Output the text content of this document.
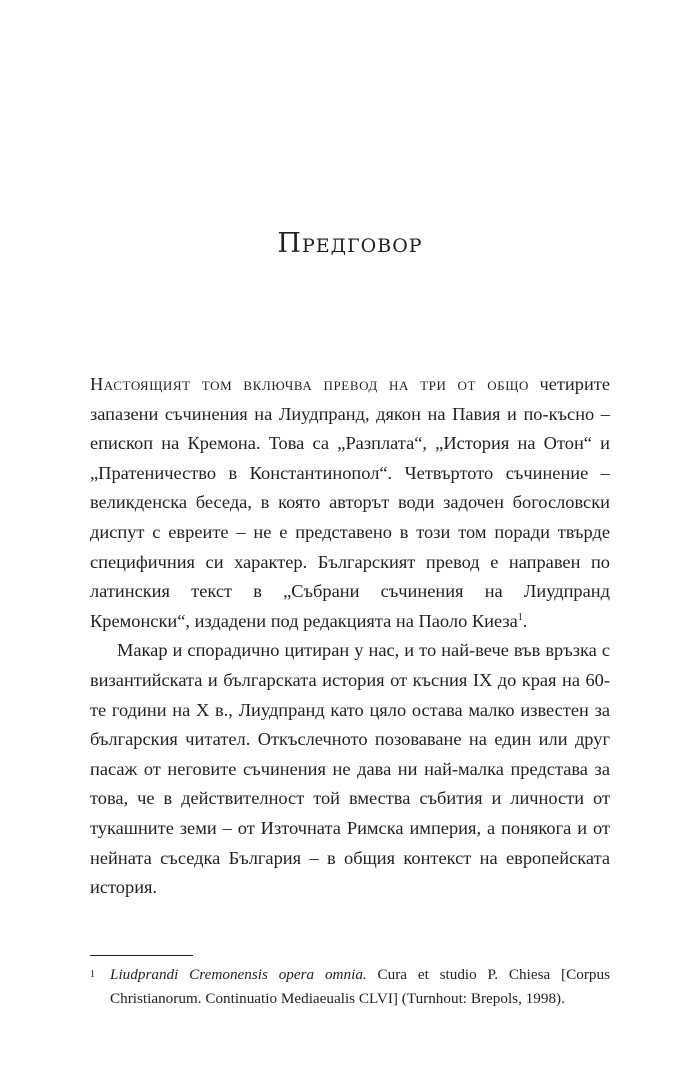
Предговор

Настоящият том включва превод на три от общо четирите запазени съчинения на Лиудпранд, дякон на Павия и по-късно – епископ на Кремона. Това са „Разплата“, „История на Отон“ и „Пратеничество в Константинопол“. Четвъртото съчинение – великденска беседа, в която авторът води задочен богословски диспут с евреите – не е представено в този том поради твърде специфичния си характер. Българският превод е направен по латинския текст в „Събрани съчинения на Лиудпранд Кремонски“, издадени под редакцията на Паоло Киеза$^1$.

Макар и спорадично цитиран у нас, и то най-вече във връзка с византийската и българската история от късния IX до края на 60-те години на X в., Лиудпранд като цяло остава малко известен за българския читател. Откъслечното позоваване на един или друг пасаж от неговите съчинения не дава ни най-малка представа за това, че в действителност той вмества събития и личности от тукашните земи – от Източната Римска империя, а понякога и от нейната съседка България – в общия контекст на европейската история.

1 Liudprandi Cremonensis opera omnia. Cura et studio P. Chiesa [Corpus Christianorum. Continuatio Mediaeualis CLVI] (Turnhout: Brepols, 1998).
